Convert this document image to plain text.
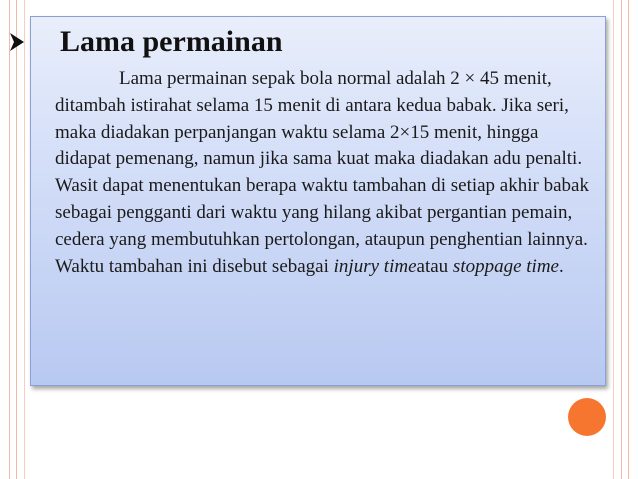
Lama permainan

Lama permainan sepak bola normal adalah 2 × 45 menit, ditambah istirahat selama 15 menit di antara kedua babak. Jika seri, maka diadakan perpanjangan waktu selama 2×15 menit, hingga didapat pemenang, namun jika sama kuat maka diadakan adu penalti. Wasit dapat menentukan berapa waktu tambahan di setiap akhir babak sebagai pengganti dari waktu yang hilang akibat pergantian pemain, cedera yang membutuhkan pertolongan, ataupun penghentian lainnya. Waktu tambahan ini disebut sebagai injury timeatau stoppage time.
